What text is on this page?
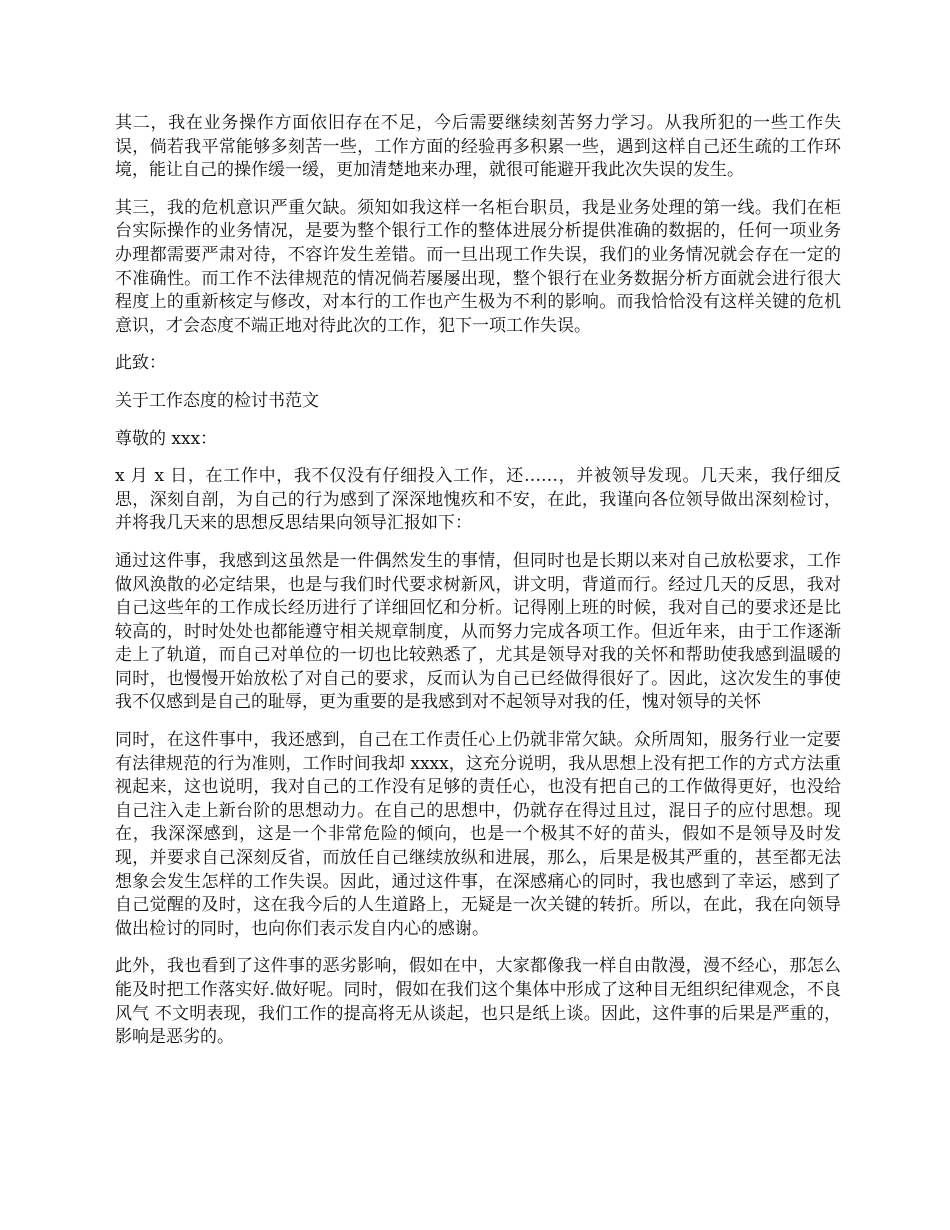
其二，我在业务操作方面依旧存在不足，今后需要继续刻苦努力学习。从我所犯的一些工作失误，倘若我平常能够多刻苦一些，工作方面的经验再多积累一些，遇到这样自己还生疏的工作环境，能让自己的操作缓一缓，更加清楚地来办理，就很可能避开我此次失误的发生。

其三，我的危机意识严重欠缺。须知如我这样一名柜台职员，我是业务处理的第一线。我们在柜台实际操作的业务情况，是要为整个银行工作的整体进展分析提供准确的数据的，任何一项业务办理都需要严肃对待，不容许发生差错。而一旦出现工作失误，我们的业务情况就会存在一定的不准确性。而工作不法律规范的情况倘若屡屡出现，整个银行在业务数据分析方面就会进行很大程度上的重新核定与修改，对本行的工作也产生极为不利的影响。而我恰恰没有这样关键的危机意识，才会态度不端正地对待此次的工作，犯下一项工作失误。

此致：

关于工作态度的检讨书范文

尊敬的 xxx：

x 月 x 日，在工作中，我不仅没有仔细投入工作，还……，并被领导发现。几天来，我仔细反思，深刻自剖，为自己的行为感到了深深地愧疚和不安，在此，我谨向各位领导做出深刻检讨，并将我几天来的思想反思结果向领导汇报如下：

通过这件事，我感到这虽然是一件偶然发生的事情，但同时也是长期以来对自己放松要求，工作做风涣散的必定结果，也是与我们时代要求树新风，讲文明，背道而行。经过几天的反思，我对自己这些年的工作成长经历进行了详细回忆和分析。记得刚上班的时候，我对自己的要求还是比较高的，时时处处也都能遵守相关规章制度，从而努力完成各项工作。但近年来，由于工作逐渐走上了轨道，而自己对单位的一切也比较熟悉了，尤其是领导对我的关怀和帮助使我感到温暖的同时，也慢慢开始放松了对自己的要求，反而认为自己已经做得很好了。因此，这次发生的事使我不仅感到是自己的耻辱，更为重要的是我感到对不起领导对我的任，愧对领导的关怀

同时，在这件事中，我还感到，自己在工作责任心上仍就非常欠缺。众所周知，服务行业一定要有法律规范的行为准则，工作时间我却 xxxx，这充分说明，我从思想上没有把工作的方式方法重视起来，这也说明，我对自己的工作没有足够的责任心，也没有把自己的工作做得更好，也没给自己注入走上新台阶的思想动力。在自己的思想中，仍就存在得过且过，混日子的应付思想。现在，我深深感到，这是一个非常危险的倾向，也是一个极其不好的苗头，假如不是领导及时发现，并要求自己深刻反省，而放任自己继续放纵和进展，那么，后果是极其严重的，甚至都无法想象会发生怎样的工作失误。因此，通过这件事，在深感痛心的同时，我也感到了幸运，感到了自己觉醒的及时，这在我今后的人生道路上，无疑是一次关键的转折。所以，在此，我在向领导做出检讨的同时，也向你们表示发自内心的感谢。

此外，我也看到了这件事的恶劣影响，假如在中，大家都像我一样自由散漫，漫不经心，那怎么能及时把工作落实好.做好呢。同时，假如在我们这个集体中形成了这种目无组织纪律观念，不良风气 不文明表现，我们工作的提高将无从谈起，也只是纸上谈。因此，这件事的后果是严重的，影响是恶劣的。
